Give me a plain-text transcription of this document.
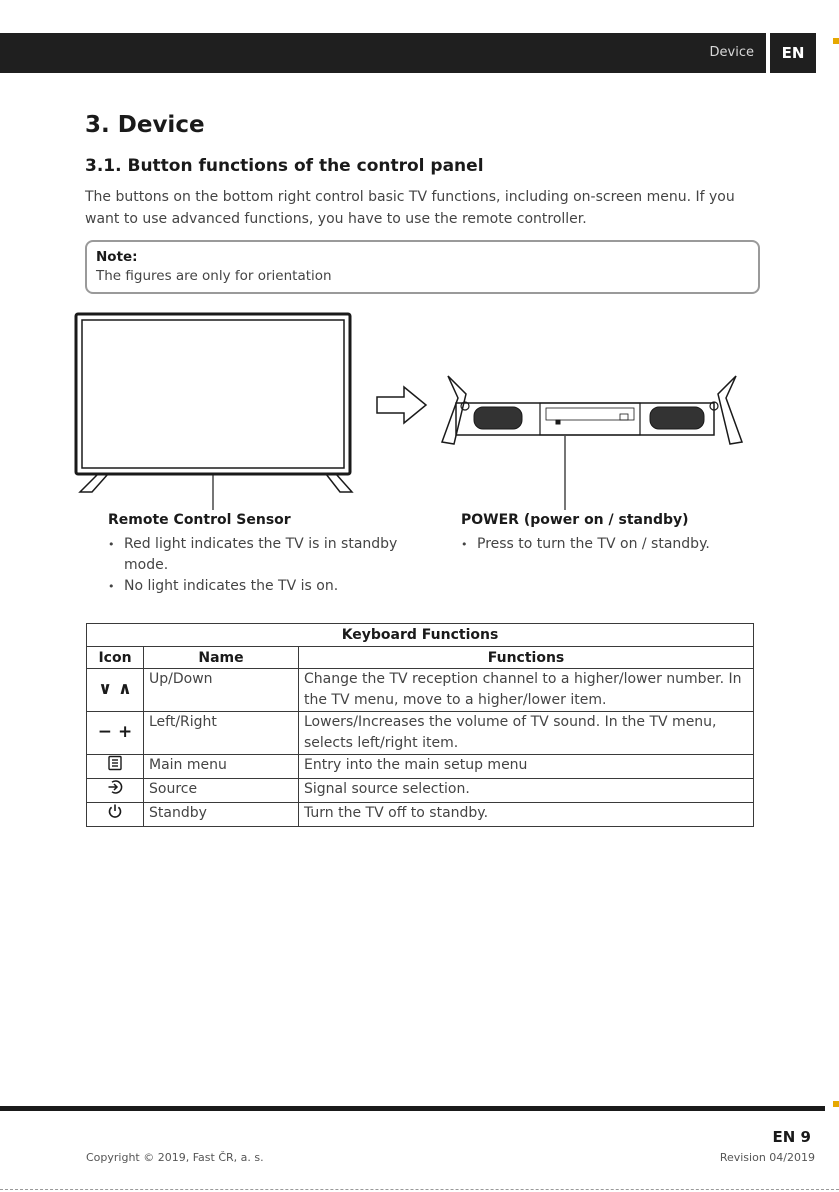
Device	EN
3. Device
3.1. Button functions of the control panel

The buttons on the bottom right control basic TV functions, including on-screen menu. If you want to use advanced functions, you have to use the remote controller.

Note:
The figures are only for orientation
Remote Control Sensor
• Red light indicates the TV is in standby mode.
• No light indicates the TV is on.
POWER (power on / standby)
• Press to turn the TV on / standby.
Keyboard Functions		
Icon	Name	Functions
∨ ∧	Up/Down	Change the TV reception channel to a higher/lower number. In the TV menu, move to a higher/lower item.
− +	Left/Right	Lowers/Increases the volume of TV sound. In the TV menu, selects left/right item.
	Main menu	Entry into the main setup menu
	Source	Signal source selection.
	Standby	Turn the TV off to standby.
EN 9
Copyright © 2019, Fast ČR, a. s.	Revision 04/2019
